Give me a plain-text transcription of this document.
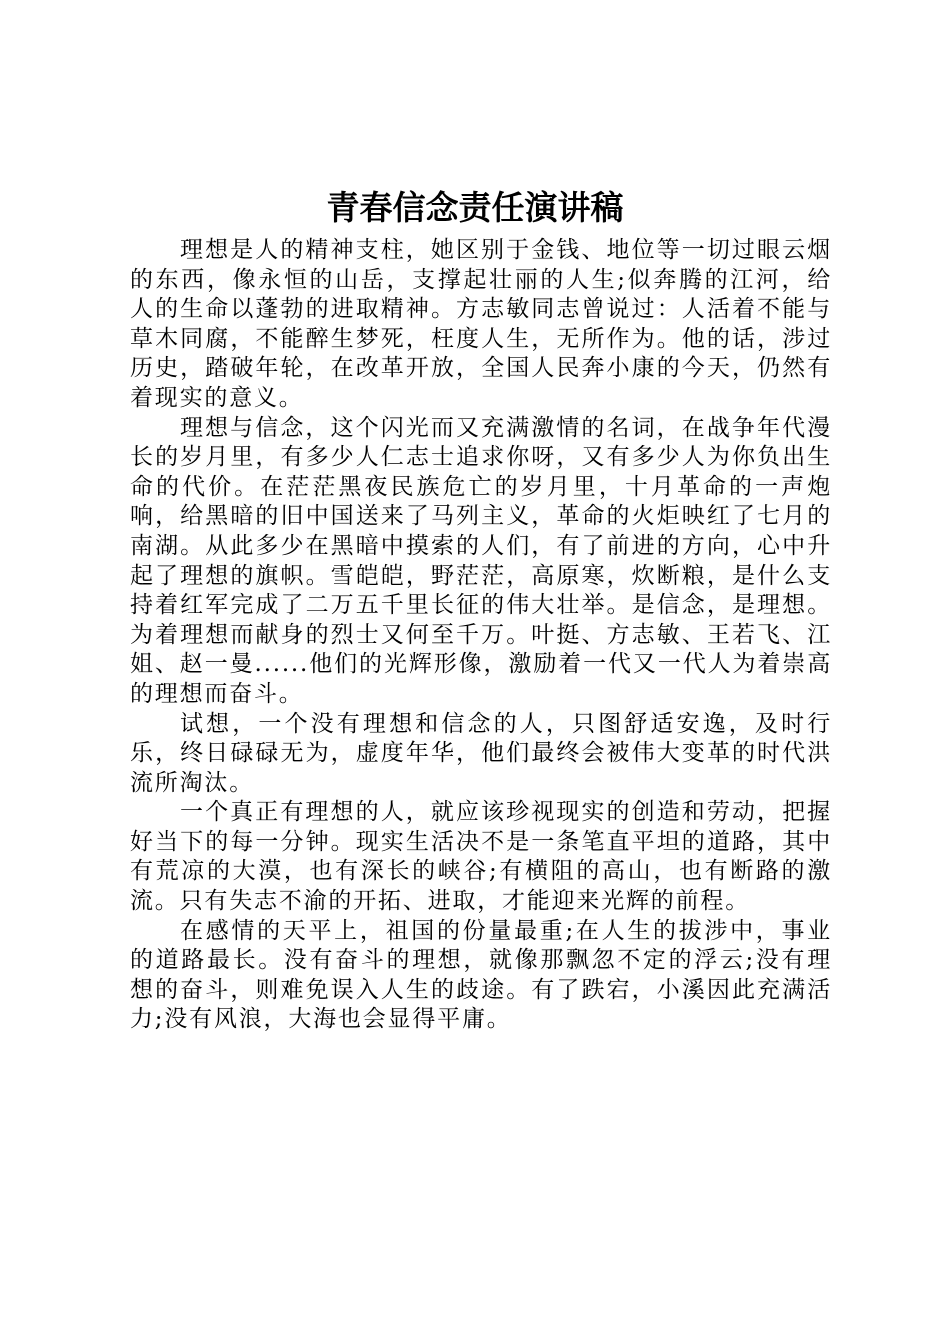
青春信念责任演讲稿

理想是人的精神支柱，她区别于金钱、地位等一切过眼云烟的东西，像永恒的山岳，支撑起壮丽的人生;似奔腾的江河，给人的生命以蓬勃的进取精神。方志敏同志曾说过：人活着不能与草木同腐，不能醉生梦死，枉度人生，无所作为。他的话，涉过历史，踏破年轮，在改革开放，全国人民奔小康的今天，仍然有着现实的意义。

理想与信念，这个闪光而又充满激情的名词，在战争年代漫长的岁月里，有多少人仁志士追求你呀，又有多少人为你负出生命的代价。在茫茫黑夜民族危亡的岁月里，十月革命的一声炮响，给黑暗的旧中国送来了马列主义，革命的火炬映红了七月的南湖。从此多少在黑暗中摸索的人们，有了前进的方向，心中升起了理想的旗帜。雪皑皑，野茫茫，高原寒，炊断粮，是什么支持着红军完成了二万五千里长征的伟大壮举。是信念，是理想。为着理想而献身的烈士又何至千万。叶挺、方志敏、王若飞、江姐、赵一曼......他们的光辉形像，激励着一代又一代人为着崇高的理想而奋斗。

试想，一个没有理想和信念的人，只图舒适安逸，及时行乐，终日碌碌无为，虚度年华，他们最终会被伟大变革的时代洪流所淘汰。

一个真正有理想的人，就应该珍视现实的创造和劳动，把握好当下的每一分钟。现实生活决不是一条笔直平坦的道路，其中有荒凉的大漠，也有深长的峡谷;有横阻的高山，也有断路的激流。只有失志不渝的开拓、进取，才能迎来光辉的前程。

在感情的天平上，祖国的份量最重;在人生的拔涉中，事业的道路最长。没有奋斗的理想，就像那飘忽不定的浮云;没有理想的奋斗，则难免误入人生的歧途。有了跌宕，小溪因此充满活力;没有风浪，大海也会显得平庸。
